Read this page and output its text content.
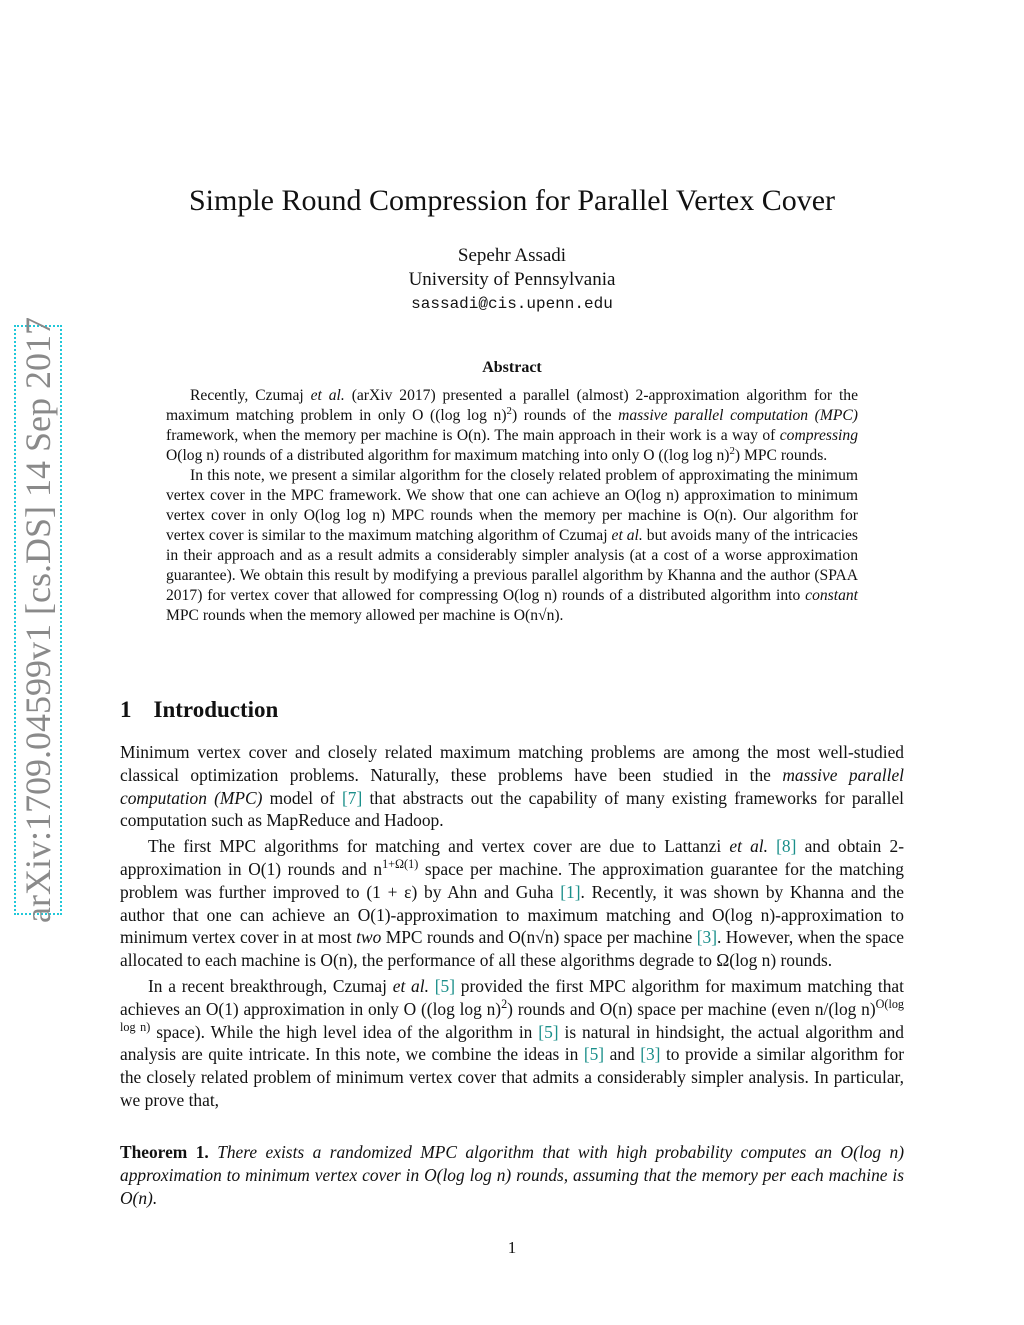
arXiv:1709.04599v1 [cs.DS] 14 Sep 2017
Simple Round Compression for Parallel Vertex Cover
Sepehr Assadi
University of Pennsylvania
sassadi@cis.upenn.edu
Abstract

Recently, Czumaj et al. (arXiv 2017) presented a parallel (almost) 2-approximation algorithm for the maximum matching problem in only O ((log log n)$^2$) rounds of the massive parallel computation (MPC) framework, when the memory per machine is O(n). The main approach in their work is a way of compressing O(log n) rounds of a distributed algorithm for maximum matching into only O ((log log n)$^2$) MPC rounds.

In this note, we present a similar algorithm for the closely related problem of approximating the minimum vertex cover in the MPC framework. We show that one can achieve an O(log n) approximation to minimum vertex cover in only O(log log n) MPC rounds when the memory per machine is O(n). Our algorithm for vertex cover is similar to the maximum matching algorithm of Czumaj et al. but avoids many of the intricacies in their approach and as a result admits a considerably simpler analysis (at a cost of a worse approximation guarantee). We obtain this result by modifying a previous parallel algorithm by Khanna and the author (SPAA 2017) for vertex cover that allowed for compressing O(log n) rounds of a distributed algorithm into constant MPC rounds when the memory allowed per machine is O(n√n).

1 Introduction

Minimum vertex cover and closely related maximum matching problems are among the most well-studied classical optimization problems. Naturally, these problems have been studied in the massive parallel computation (MPC) model of [7] that abstracts out the capability of many existing frameworks for parallel computation such as MapReduce and Hadoop.

The first MPC algorithms for matching and vertex cover are due to Lattanzi et al. [8] and obtain 2-approximation in O(1) rounds and $n^{1+\Omega(1)}$ space per machine. The approximation guarantee for the matching problem was further improved to (1 + ε) by Ahn and Guha [1]. Recently, it was shown by Khanna and the author that one can achieve an O(1)-approximation to maximum matching and O(log n)-approximation to minimum vertex cover in at most two MPC rounds and O(n√n) space per machine [3]. However, when the space allocated to each machine is O(n), the performance of all these algorithms degrade to Ω(log n) rounds.

In a recent breakthrough, Czumaj et al. [5] provided the first MPC algorithm for maximum matching that achieves an O(1) approximation in only O ((log log n)$^2$) rounds and O(n) space per machine (even n/(log n)$^{O(log log n)}$ space). While the high level idea of the algorithm in [5] is natural in hindsight, the actual algorithm and analysis are quite intricate. In this note, we combine the ideas in [5] and [3] to provide a similar algorithm for the closely related problem of minimum vertex cover that admits a considerably simpler analysis. In particular, we prove that,

Theorem 1. There exists a randomized MPC algorithm that with high probability computes an O(log n) approximation to minimum vertex cover in O(log log n) rounds, assuming that the memory per each machine is O(n).
1
